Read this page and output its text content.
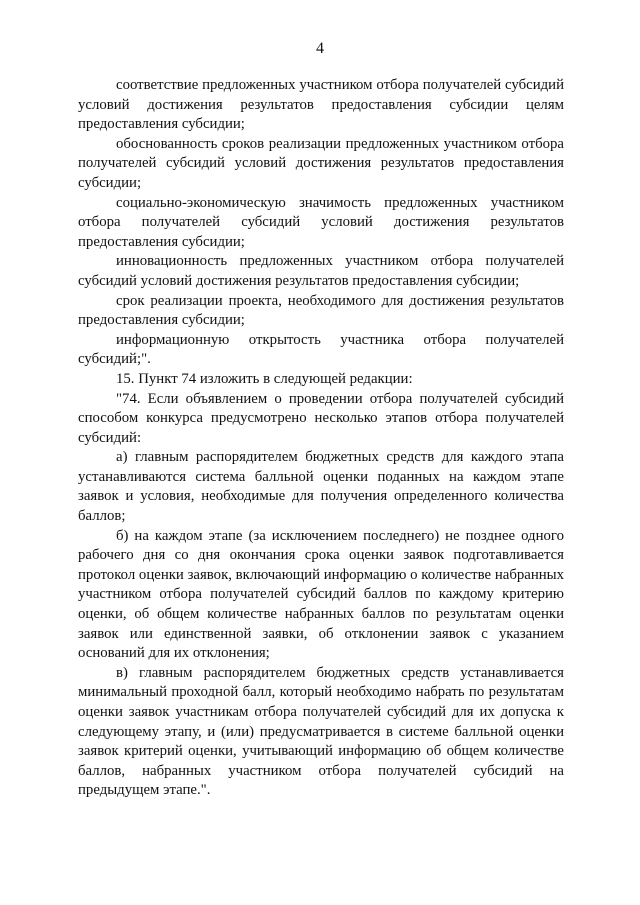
4

соответствие предложенных участником отбора получателей субсидий условий достижения результатов предоставления субсидии целям предоставления субсидии;

обоснованность сроков реализации предложенных участником отбора получателей субсидий условий достижения результатов предоставления субсидии;

социально-экономическую значимость предложенных участником отбора получателей субсидий условий достижения результатов предоставления субсидии;

инновационность предложенных участником отбора получателей субсидий условий достижения результатов предоставления субсидии;

срок реализации проекта, необходимого для достижения результатов предоставления субсидии;

информационную открытость участника отбора получателей субсидий;".

15. Пункт 74 изложить в следующей редакции:

"74. Если объявлением о проведении отбора получателей субсидий способом конкурса предусмотрено несколько этапов отбора получателей субсидий:

а) главным распорядителем бюджетных средств для каждого этапа устанавливаются система балльной оценки поданных на каждом этапе заявок и условия, необходимые для получения определенного количества баллов;

б) на каждом этапе (за исключением последнего) не позднее одного рабочего дня со дня окончания срока оценки заявок подготавливается протокол оценки заявок, включающий информацию о количестве набранных участником отбора получателей субсидий баллов по каждому критерию оценки, об общем количестве набранных баллов по результатам оценки заявок или единственной заявки, об отклонении заявок с указанием оснований для их отклонения;

в) главным распорядителем бюджетных средств устанавливается минимальный проходной балл, который необходимо набрать по результатам оценки заявок участникам отбора получателей субсидий для их допуска к следующему этапу, и (или) предусматривается в системе балльной оценки заявок критерий оценки, учитывающий информацию об общем количестве баллов, набранных участником отбора получателей субсидий на предыдущем этапе.".
